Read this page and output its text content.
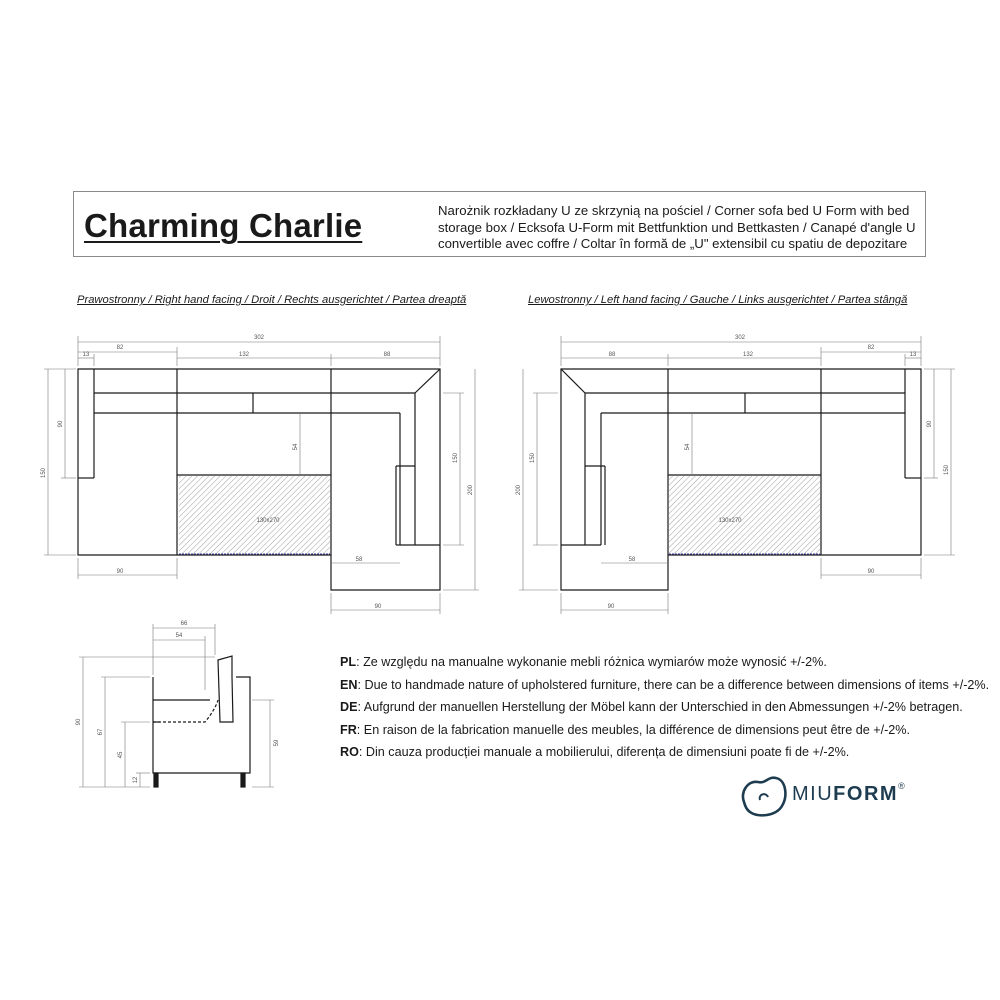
Charming Charlie	Narożnik rozkładany U ze skrzynią na pościel / Corner sofa bed U Form with bed storage box / Ecksofa U-Form mit Bettfunktion und Bettkasten / Canapé d'angle U convertible avec coffre / Coltar în formă de „U" extensibil cu spatiu de depozitare
Prawostronny / Right hand facing / Droit / Rechts ausgerichtet / Partea dreaptă	Lewostronny / Left hand facing / Gauche / Links ausgerichtet / Partea stângă
302
82
13	132	88
150
90
54
150
200
130x270
90
58
90
302
88	132
82
13
150
90
54
150
200
130x270
90
58
90
66
54
90
67
45
12
59
PL: Ze względu na manualne wykonanie mebli różnica wymiarów może wynosić +/-2%.
EN: Due to handmade nature of upholstered furniture, there can be a difference between dimensions of items +/-2%.
DE: Aufgrund der manuellen Herstellung der Möbel kann der Unterschied in den Abmessungen +/-2% betragen.
FR: En raison de la fabrication manuelle des meubles, la différence de dimensions peut être de +/-2%.
RO: Din cauza producției manuale a mobilierului, diferența de dimensiuni poate fi de +/-2%.
MIUFORM®
